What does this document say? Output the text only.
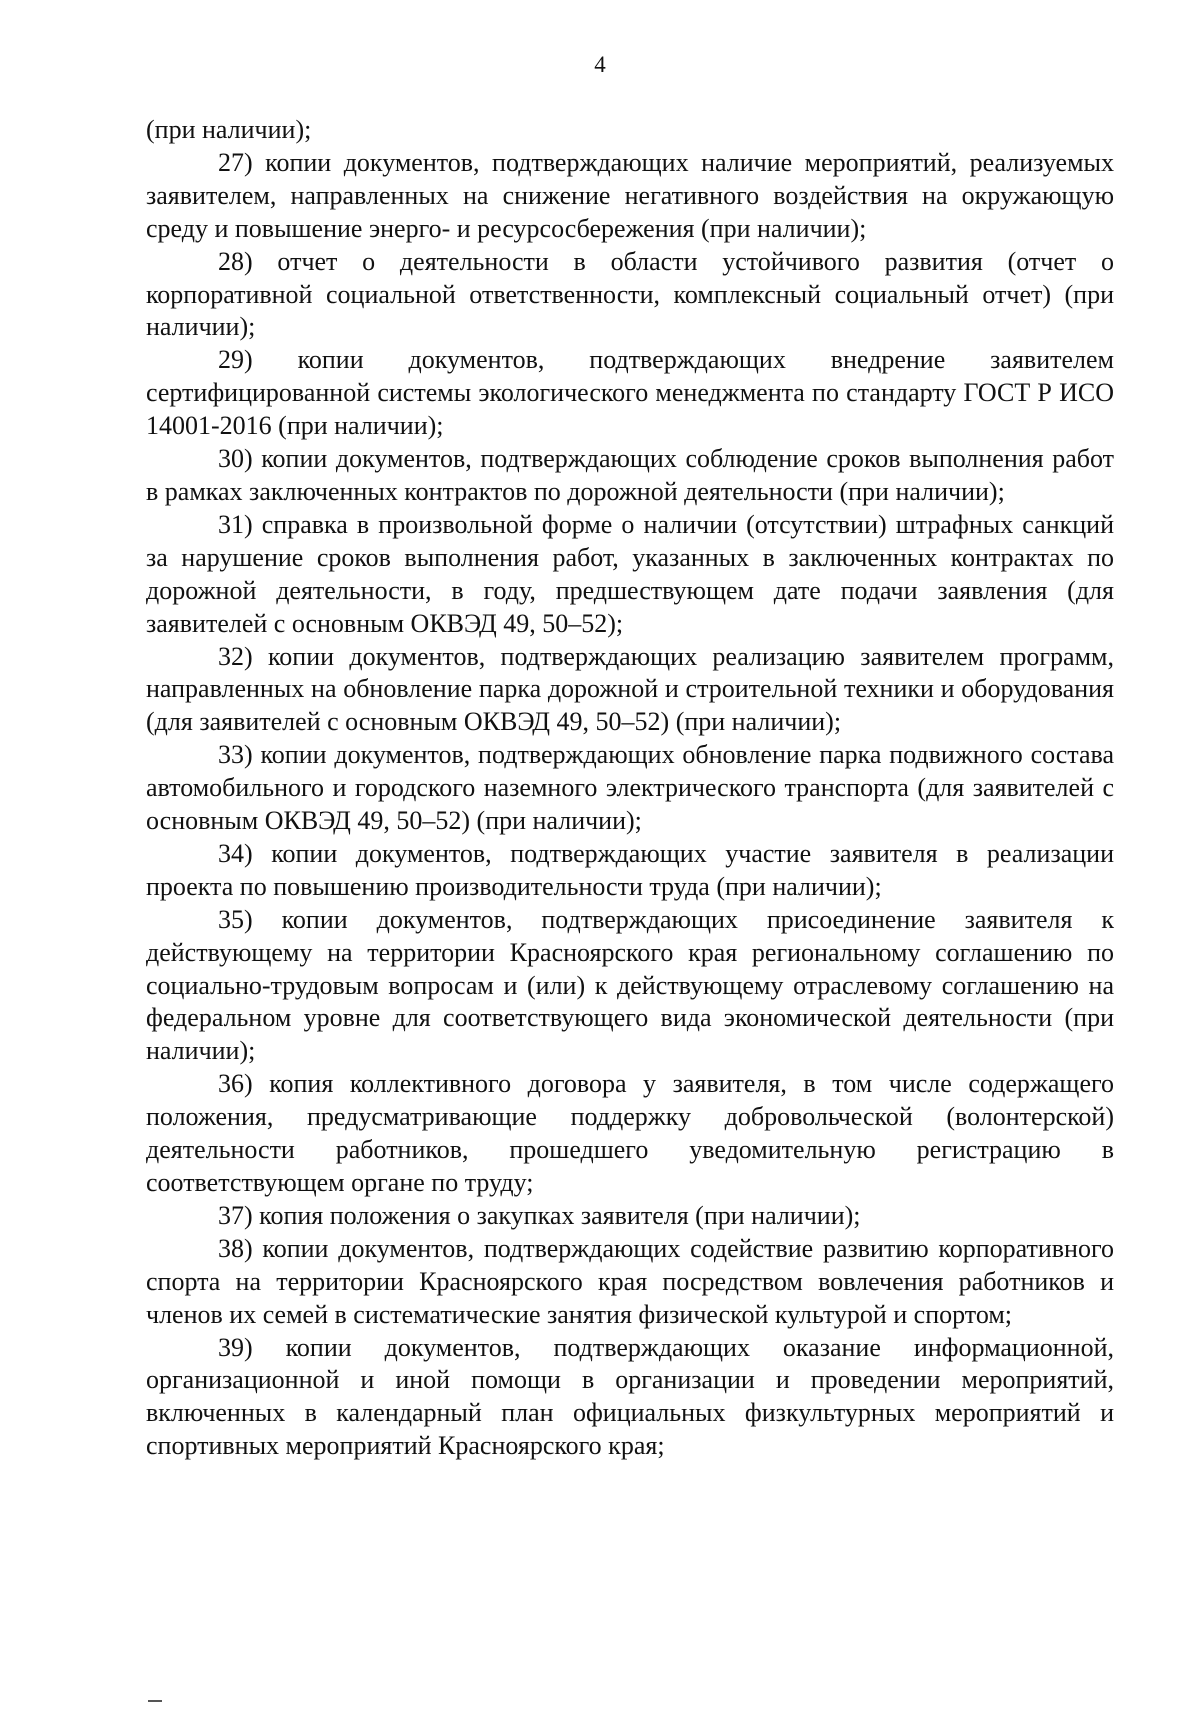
4

(при наличии);

27) копии документов, подтверждающих наличие мероприятий, реализуемых заявителем, направленных на снижение негативного воздействия на окружающую среду и повышение энерго- и ресурсосбережения (при наличии);

28) отчет о деятельности в области устойчивого развития (отчет о корпоративной социальной ответственности, комплексный социальный отчет) (при наличии);

29) копии документов, подтверждающих внедрение заявителем сертифицированной системы экологического менеджмента по стандарту ГОСТ Р ИСО 14001-2016 (при наличии);

30) копии документов, подтверждающих соблюдение сроков выполнения работ в рамках заключенных контрактов по дорожной деятельности (при наличии);

31) справка в произвольной форме о наличии (отсутствии) штрафных санкций за нарушение сроков выполнения работ, указанных в заключенных контрактах по дорожной деятельности, в году, предшествующем дате подачи заявления (для заявителей с основным ОКВЭД 49, 50–52);

32) копии документов, подтверждающих реализацию заявителем программ, направленных на обновление парка дорожной и строительной техники и оборудования (для заявителей с основным ОКВЭД 49, 50–52) (при наличии);

33) копии документов, подтверждающих обновление парка подвижного состава автомобильного и городского наземного электрического транспорта (для заявителей с основным ОКВЭД 49, 50–52) (при наличии);

34) копии документов, подтверждающих участие заявителя в реализации проекта по повышению производительности труда (при наличии);

35) копии документов, подтверждающих присоединение заявителя к действующему на территории Красноярского края региональному соглашению по социально-трудовым вопросам и (или) к действующему отраслевому соглашению на федеральном уровне для соответствующего вида экономической деятельности (при наличии);

36) копия коллективного договора у заявителя, в том числе содержащего положения, предусматривающие поддержку добровольческой (волонтерской) деятельности работников, прошедшего уведомительную регистрацию в соответствующем органе по труду;

37) копия положения о закупках заявителя (при наличии);

38) копии документов, подтверждающих содействие развитию корпоративного спорта на территории Красноярского края посредством вовлечения работников и членов их семей в систематические занятия физической культурой и спортом;

39) копии документов, подтверждающих оказание информационной, организационной и иной помощи в организации и проведении мероприятий, включенных в календарный план официальных физкультурных мероприятий и спортивных мероприятий Красноярского края;
